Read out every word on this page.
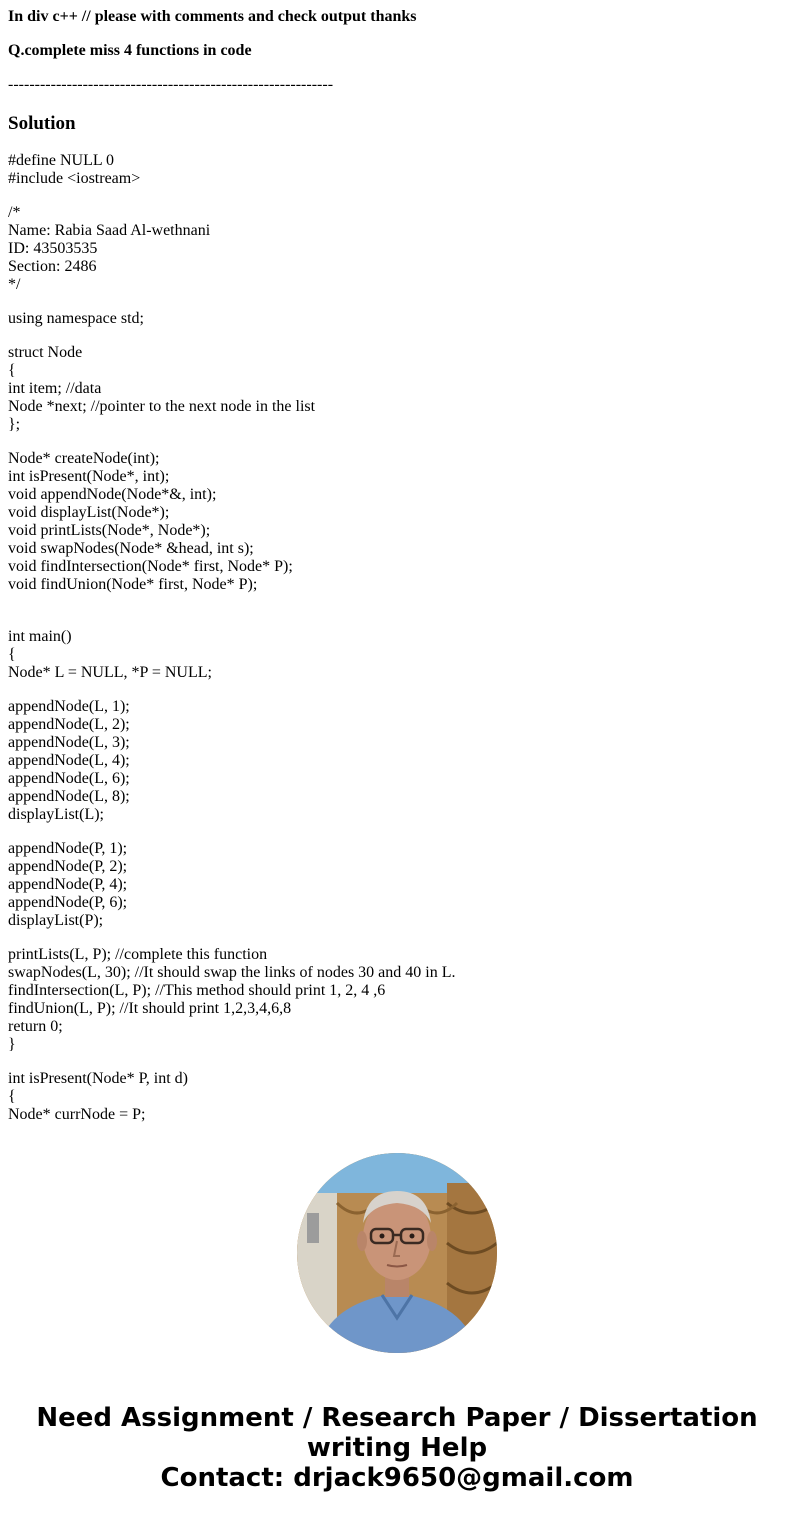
In div c++ // please with comments and check output thanks

Q.complete miss 4 functions in code

-------------------------------------------------------------
Solution

#define NULL 0

#include <iostream>

/*

Name: Rabia Saad Al-wethnani

ID: 43503535

Section: 2486

*/

using namespace std;

struct Node

{

int item; //data

Node *next; //pointer to the next node in the list

};

Node* createNode(int);

int isPresent(Node*, int);

void appendNode(Node*&, int);

void displayList(Node*);

void printLists(Node*, Node*);

void swapNodes(Node* &head, int s);

void findIntersection(Node* first, Node* P);

void findUnion(Node* first, Node* P);

int main()

{

Node* L = NULL, *P = NULL;

appendNode(L, 1);

appendNode(L, 2);

appendNode(L, 3);

appendNode(L, 4);

appendNode(L, 6);

appendNode(L, 8);

displayList(L);

appendNode(P, 1);

appendNode(P, 2);

appendNode(P, 4);

appendNode(P, 6);

displayList(P);

printLists(L, P); //complete this function

swapNodes(L, 30); //It should swap the links of nodes 30 and 40 in L.

findIntersection(L, P); //This method should print 1, 2, 4 ,6

findUnion(L, P); //It should print 1,2,3,4,6,8

return 0;

}

int isPresent(Node* P, int d)

{

Node* currNode = P;

Need Assignment / Research Paper / Dissertation
writing Help
Contact: drjack9650@gmail.com
